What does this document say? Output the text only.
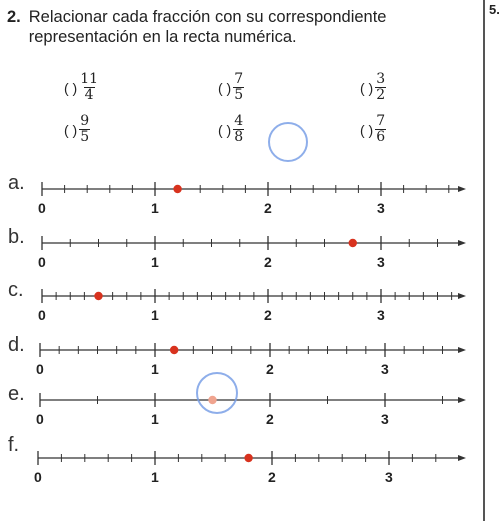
5.
2. Relacionar cada fracción con su correspondiente representación en la recta numérica.
( ) $\frac{11}{4}$	( ) $\frac{7}{5}$	( ) $\frac{3}{2}$
( ) $\frac{9}{5}$	( ) $\frac{4}{8}$	( ) $\frac{7}{6}$
a.
b.
c.
d.
e.
f.
0	1	2	3
0	1	2	3
0	1	2	3
0	1	2	3
0	1	2	3
0	1	2	3
